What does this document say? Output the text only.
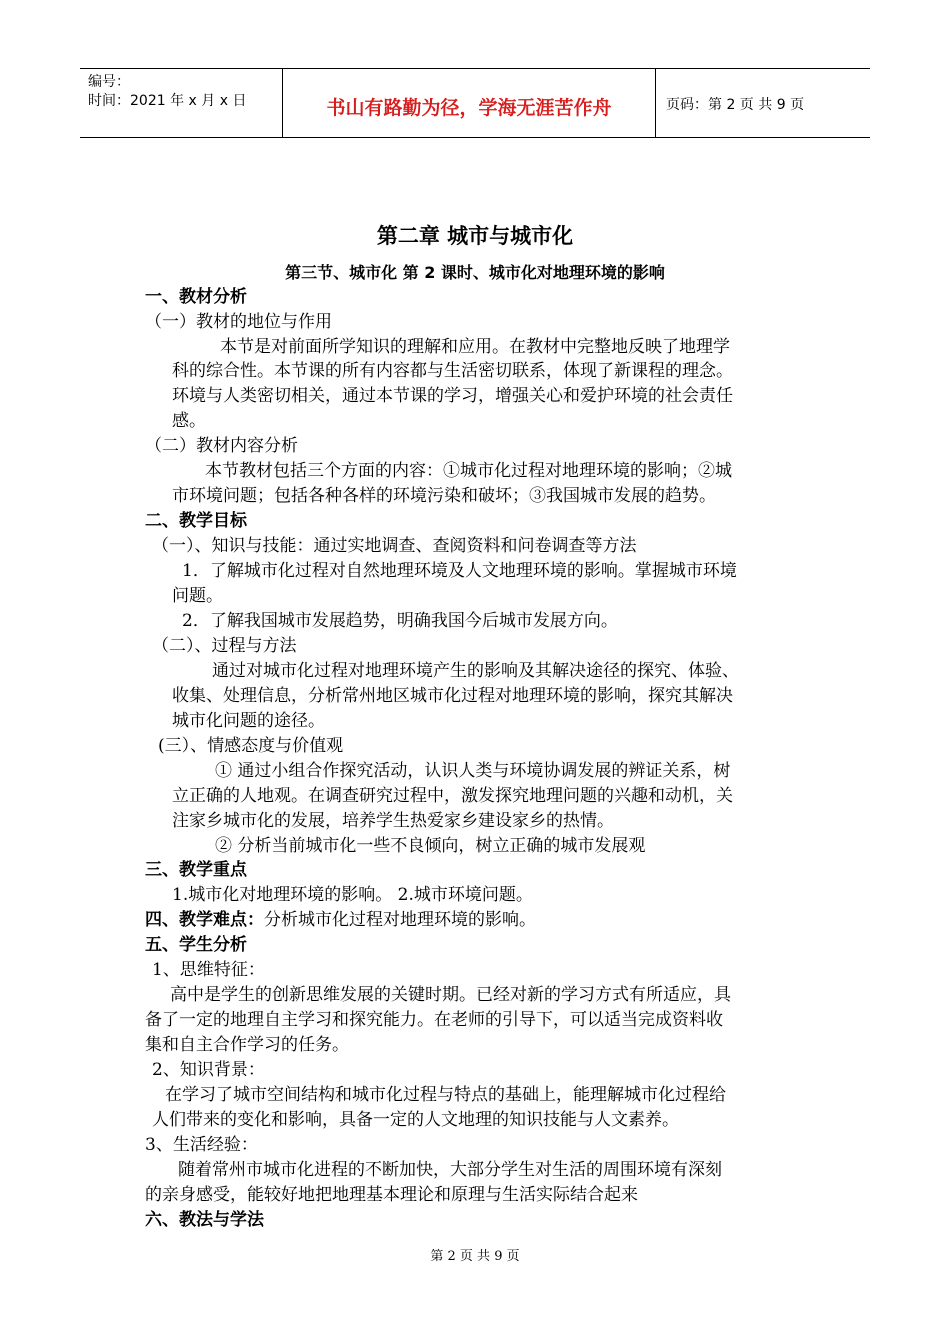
编号：
时间：2021 年 x 月 x 日	书山有路勤为径，学海无涯苦作舟	页码：第 2 页 共 9 页
第二章 城市与城市化
第三节、城市化 第 2 课时、城市化对地理环境的影响
一、教材分析
（一）教材的地位与作用
本节是对前面所学知识的理解和应用。在教材中完整地反映了地理学
科的综合性。本节课的所有内容都与生活密切联系，体现了新课程的理念。
环境与人类密切相关，通过本节课的学习，增强关心和爱护环境的社会责任
感。
（二）教材内容分析
本节教材包括三个方面的内容：①城市化过程对地理环境的影响；②城
市环境问题；包括各种各样的环境污染和破坏；③我国城市发展的趋势。
二、教学目标
（一）、知识与技能：通过实地调查、查阅资料和问卷调查等方法
1．了解城市化过程对自然地理环境及人文地理环境的影响。掌握城市环境
问题。
2．了解我国城市发展趋势，明确我国今后城市发展方向。
（二）、过程与方法
通过对城市化过程对地理环境产生的影响及其解决途径的探究、体验、
收集、处理信息，分析常州地区城市化过程对地理环境的影响，探究其解决
城市化问题的途径。
(三）、情感态度与价值观
① 通过小组合作探究活动，认识人类与环境协调发展的辨证关系，树
立正确的人地观。在调查研究过程中，激发探究地理问题的兴趣和动机，关
注家乡城市化的发展，培养学生热爱家乡建设家乡的热情。
② 分析当前城市化一些不良倾向，树立正确的城市发展观
三、教学重点
1.城市化对地理环境的影响。 2.城市环境问题。
四、教学难点：分析城市化过程对地理环境的影响。
五、学生分析
1、思维特征：
高中是学生的创新思维发展的关键时期。已经对新的学习方式有所适应，具
备了一定的地理自主学习和探究能力。在老师的引导下，可以适当完成资料收
集和自主合作学习的任务。
2、知识背景：
在学习了城市空间结构和城市化过程与特点的基础上，能理解城市化过程给
人们带来的变化和影响，具备一定的人文地理的知识技能与人文素养。
3、生活经验：
随着常州市城市化进程的不断加快，大部分学生对生活的周围环境有深刻
的亲身感受，能较好地把地理基本理论和原理与生活实际结合起来
六、教法与学法
第 2 页 共 9 页
